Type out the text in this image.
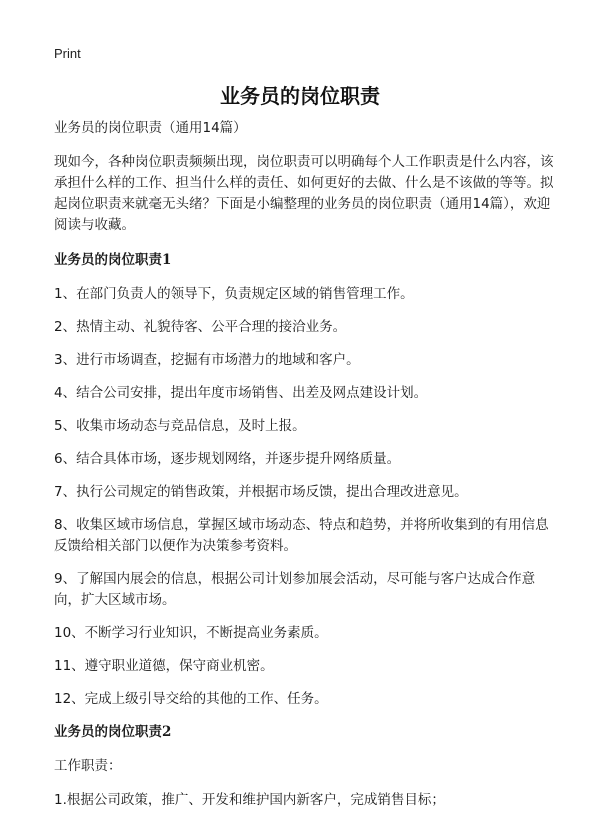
Print
业务员的岗位职责

业务员的岗位职责（通用14篇）

现如今，各种岗位职责频频出现，岗位职责可以明确每个人工作职责是什么内容，该承担什么样的工作、担当什么样的责任、如何更好的去做、什么是不该做的等等。拟起岗位职责来就毫无头绪？下面是小编整理的业务员的岗位职责（通用14篇），欢迎阅读与收藏。

业务员的岗位职责1

1、在部门负责人的领导下，负责规定区域的销售管理工作。

2、热情主动、礼貌待客、公平合理的接洽业务。

3、进行市场调查，挖掘有市场潜力的地域和客户。

4、结合公司安排，提出年度市场销售、出差及网点建设计划。

5、收集市场动态与竞品信息，及时上报。

6、结合具体市场，逐步规划网络，并逐步提升网络质量。

7、执行公司规定的销售政策，并根据市场反馈，提出合理改进意见。

8、收集区域市场信息，掌握区域市场动态、特点和趋势，并将所收集到的有用信息反馈给相关部门以便作为决策参考资料。

9、了解国内展会的信息，根据公司计划参加展会活动，尽可能与客户达成合作意向，扩大区域市场。

10、不断学习行业知识，不断提高业务素质。

11、遵守职业道德，保守商业机密。

12、完成上级引导交给的其他的工作、任务。

业务员的岗位职责2

工作职责：

1.根据公司政策，推广、开发和维护国内新客户，完成销售目标；
